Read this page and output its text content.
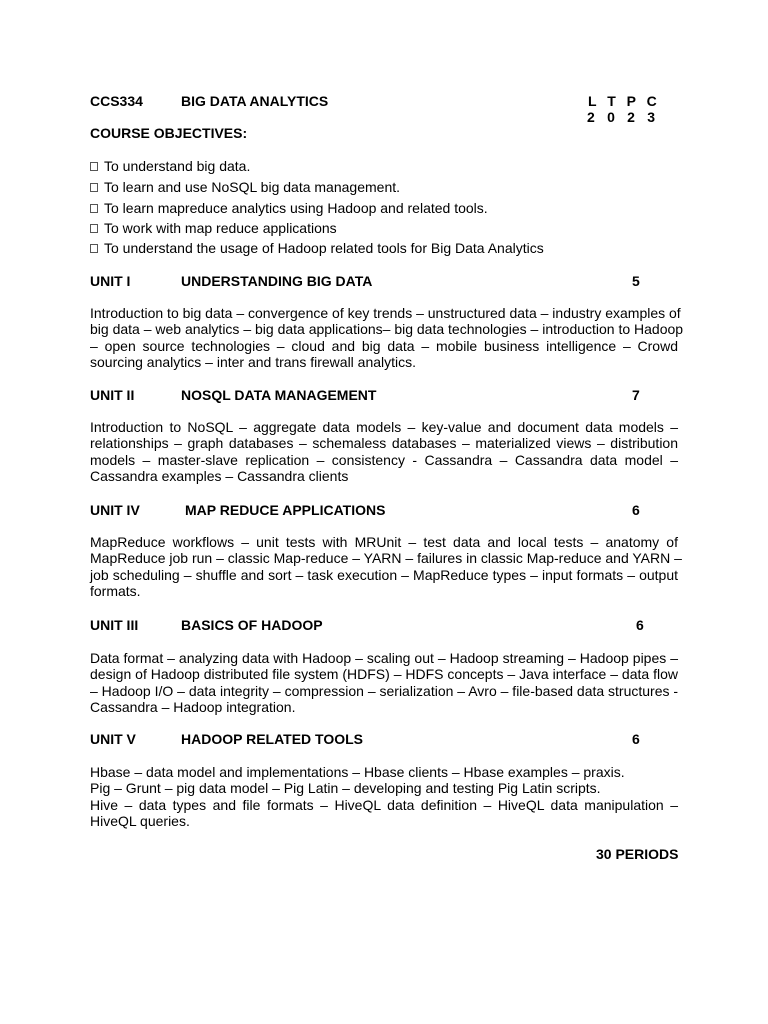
CCS334	BIG DATA ANALYTICS	L T P C
2 0 2 3
COURSE OBJECTIVES:
To understand big data.
To learn and use NoSQL big data management.
To learn mapreduce analytics using Hadoop and related tools.
To work with map reduce applications
To understand the usage of Hadoop related tools for Big Data Analytics
UNIT I	UNDERSTANDING BIG DATA	5
Introduction to big data – convergence of key trends – unstructured data – industry examples of
big data – web analytics – big data applications– big data technologies – introduction to Hadoop
– open source technologies – cloud and big data – mobile business intelligence – Crowd
sourcing analytics – inter and trans firewall analytics.
UNIT II	NOSQL DATA MANAGEMENT	7
Introduction to NoSQL – aggregate data models – key-value and document data models –
relationships – graph databases – schemaless databases – materialized views – distribution
models – master-slave replication – consistency - Cassandra – Cassandra data model –
Cassandra examples – Cassandra clients
UNIT IV	MAP REDUCE APPLICATIONS	6
MapReduce workflows – unit tests with MRUnit – test data and local tests – anatomy of
MapReduce job run – classic Map-reduce – YARN – failures in classic Map-reduce and YARN –
job scheduling – shuffle and sort – task execution – MapReduce types – input formats – output
formats.
UNIT III	BASICS OF HADOOP	6
Data format – analyzing data with Hadoop – scaling out – Hadoop streaming – Hadoop pipes –
design of Hadoop distributed file system (HDFS) – HDFS concepts – Java interface – data flow
– Hadoop I/O – data integrity – compression – serialization – Avro – file-based data structures -
Cassandra – Hadoop integration.
UNIT V	HADOOP RELATED TOOLS	6
Hbase – data model and implementations – Hbase clients – Hbase examples – praxis.
Pig – Grunt – pig data model – Pig Latin – developing and testing Pig Latin scripts.
Hive – data types and file formats – HiveQL data definition – HiveQL data manipulation –
HiveQL queries.
30 PERIODS
